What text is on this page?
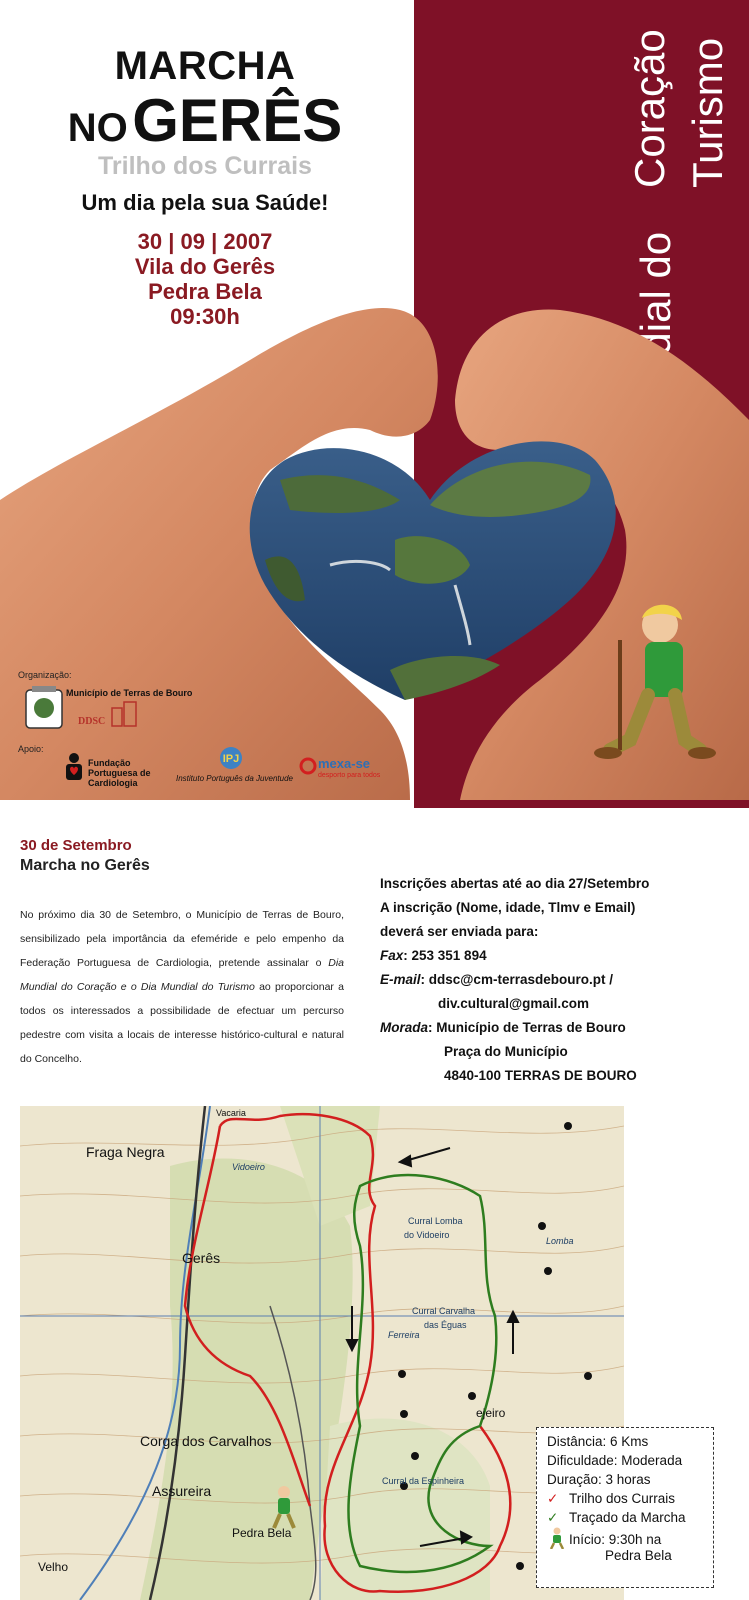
Coração Turismo
MARCHA
NO GERÊS
Trilho dos Currais
Um dia pela sua Saúde!
30 | 09 | 2007
Vila do Gerês
Pedra Bela
09:30h
Organização:
Município de Terras de Bouro
DDSC
Apoio:
Fundação Portuguesa de Cardiologia
IPJ
Instituto Português da Juventude
mexa-se
desporto para todos
30 de Setembro
Marcha no Gerês
No próximo dia 30 de Setembro, o Município de Terras de Bouro, sensibilizado pela importância da efeméride e pelo empenho da Federação Portuguesa de Cardiologia, pretende assinalar o Dia Mundial do Coração e o Dia Mundial do Turismo ao proporcionar a todos os interessados a possibilidade de efectuar um percurso pedestre com visita a locais de interesse histórico-cultural e natural do Concelho.
Inscrições abertas até ao dia 27/Setembro
A inscrição (Nome, idade, Tlmv e Email)
deverá ser enviada para:
Fax: 253 351 894
E-mail: ddsc@cm-terrasdebouro.pt /
div.cultural@gmail.com
Morada: Município de Terras de Bouro
Praça do Município
4840-100 TERRAS DE BOURO
Vacaria
Fraga Negra
Vidoeiro
Curral Lomba
do Vidoeiro
Lomba
Gerês
Curral Carvalha
das Éguas
Ferreira
ejeiro
Corga dos Carvalhos
Curral da Espinheira
Assureira
Pedra Bela
Velho
Distância: 6 Kms
Dificuldade: Moderada
Duração: 3 horas
✓ Trilho dos Currais
✓ Traçado da Marcha
Início: 9:30h na
Pedra Bela
